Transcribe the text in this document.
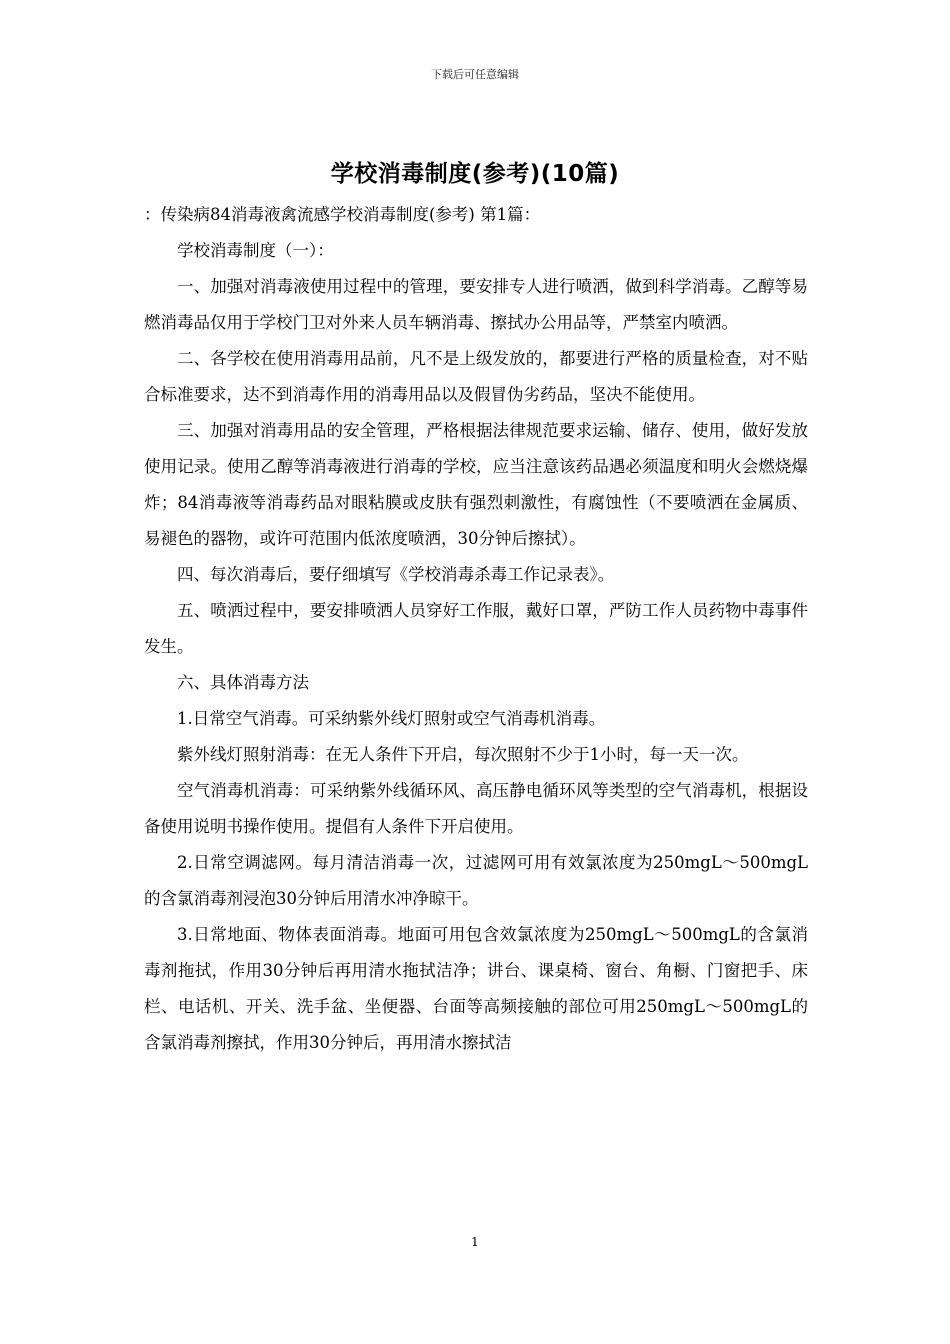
下载后可任意编辑
学校消毒制度(参考)(10篇)

：传染病84消毒液禽流感学校消毒制度(参考) 第1篇：

学校消毒制度（一）：

一、加强对消毒液使用过程中的管理，要安排专人进行喷洒，做到科学消毒。乙醇等易燃消毒品仅用于学校门卫对外来人员车辆消毒、擦拭办公用品等，严禁室内喷洒。

二、各学校在使用消毒用品前，凡不是上级发放的，都要进行严格的质量检查，对不贴合标准要求，达不到消毒作用的消毒用品以及假冒伪劣药品，坚决不能使用。

三、加强对消毒用品的安全管理，严格根据法律规范要求运输、储存、使用，做好发放使用记录。使用乙醇等消毒液进行消毒的学校，应当注意该药品遇必须温度和明火会燃烧爆炸；84消毒液等消毒药品对眼粘膜或皮肤有强烈刺激性，有腐蚀性（不要喷洒在金属质、易褪色的器物，或许可范围内低浓度喷洒，30分钟后擦拭）。

四、每次消毒后，要仔细填写《学校消毒杀毒工作记录表》。

五、喷洒过程中，要安排喷洒人员穿好工作服，戴好口罩，严防工作人员药物中毒事件发生。

六、具体消毒方法

1.日常空气消毒。可采纳紫外线灯照射或空气消毒机消毒。

紫外线灯照射消毒：在无人条件下开启，每次照射不少于1小时，每一天一次。

空气消毒机消毒：可采纳紫外线循环风、高压静电循环风等类型的空气消毒机，根据设备使用说明书操作使用。提倡有人条件下开启使用。

2.日常空调滤网。每月清洁消毒一次，过滤网可用有效氯浓度为250mgL～500mgL的含氯消毒剂浸泡30分钟后用清水冲净晾干。

3.日常地面、物体表面消毒。地面可用包含效氯浓度为250mgL～500mgL的含氯消毒剂拖拭，作用30分钟后再用清水拖拭洁净；讲台、课桌椅、窗台、角橱、门窗把手、床栏、电话机、开关、洗手盆、坐便器、台面等高频接触的部位可用250mgL～500mgL的含氯消毒剂擦拭，作用30分钟后，再用清水擦拭洁

1
